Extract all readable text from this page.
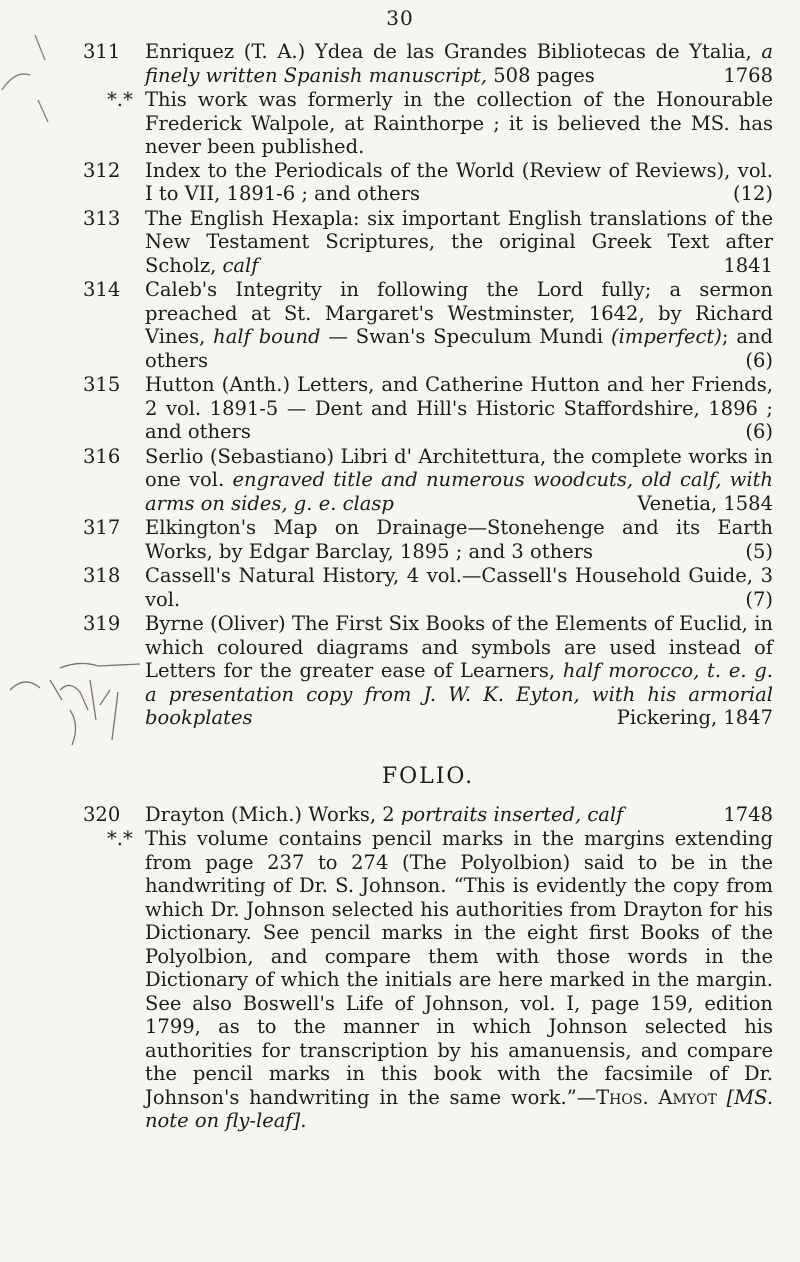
30
311	Enriquez (T. A.) Ydea de las Grandes Bibliotecas de Ytalia, a finely written Spanish manuscript, 508 pages	1768
*.* This work was formerly in the collection of the Honourable Frederick Walpole, at Rainthorpe ; it is believed the MS. has never been published.
312	Index to the Periodicals of the World (Review of Reviews), vol. I to VII, 1891-6 ; and others	(12)
313	The English Hexapla: six important English translations of the New Testament Scriptures, the original Greek Text after Scholz, calf	1841
314	Caleb's Integrity in following the Lord fully; a sermon preached at St. Margaret's Westminster, 1642, by Richard Vines, half bound — Swan's Speculum Mundi (imperfect); and others	(6)
315	Hutton (Anth.) Letters, and Catherine Hutton and her Friends, 2 vol. 1891-5 — Dent and Hill's Historic Staffordshire, 1896 ; and others	(6)
316	Serlio (Sebastiano) Libri d' Architettura, the complete works in one vol. engraved title and numerous woodcuts, old calf, with arms on sides, g. e. clasp	Venetia, 1584
317	Elkington's Map on Drainage—Stonehenge and its Earth Works, by Edgar Barclay, 1895 ; and 3 others	(5)
318	Cassell's Natural History, 4 vol.—Cassell's Household Guide, 3 vol.	(7)
319	Byrne (Oliver) The First Six Books of the Elements of Euclid, in which coloured diagrams and symbols are used instead of Letters for the greater ease of Learners, half morocco, t. e. g. a presentation copy from J. W. K. Eyton, with his armorial bookplates	Pickering, 1847
FOLIO.
320	Drayton (Mich.) Works, 2 portraits inserted, calf	1748
*.* This volume contains pencil marks in the margins extending from page 237 to 274 (The Polyolbion) said to be in the handwriting of Dr. S. Johnson. “This is evidently the copy from which Dr. Johnson selected his authorities from Drayton for his Dictionary. See pencil marks in the eight first Books of the Polyolbion, and compare them with those words in the Dictionary of which the initials are here marked in the margin. See also Boswell's Life of Johnson, vol. I, page 159, edition 1799, as to the manner in which Johnson selected his authorities for transcription by his amanuensis, and compare the pencil marks in this book with the facsimile of Dr. Johnson's handwriting in the same work.”—Thos. Amyot [MS. note on fly-leaf].
